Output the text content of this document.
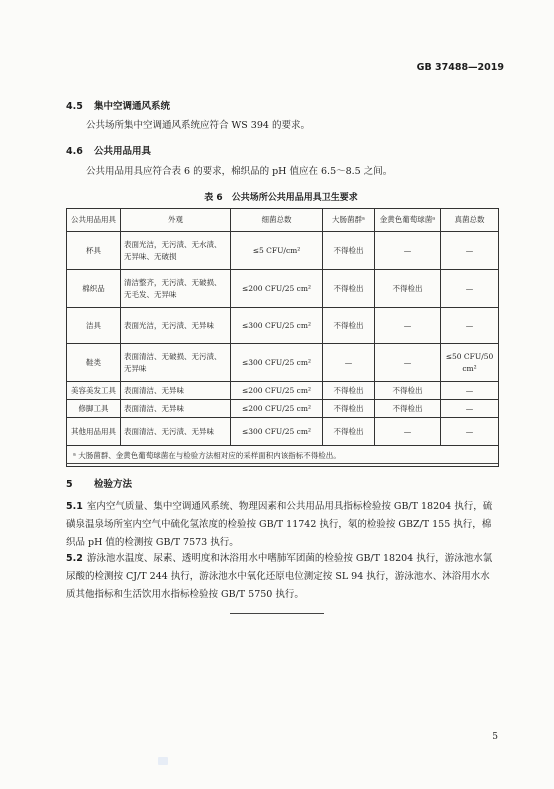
GB 37488—2019
4.5 集中空调通风系统
公共场所集中空调通风系统应符合 WS 394 的要求。
4.6 公共用品用具
公共用品用具应符合表 6 的要求，棉织品的 pH 值应在 6.5～8.5 之间。
表 6　公共场所公共用品用具卫生要求
公共用品用具	外观	细菌总数	大肠菌群ᵃ	金黄色葡萄球菌ᵃ	真菌总数
杯具	表面光洁，无污渍、无水渍、无异味、无破损	≤5 CFU/cm²	不得检出	—	—
棉织品	清洁整齐，无污渍、无破损、无毛发、无异味	≤200 CFU/25 cm²	不得检出	不得检出	—
洁具	表面光洁，无污渍、无异味	≤300 CFU/25 cm²	不得检出	—	—
鞋类	表面清洁、无破损、无污渍、无异味	≤300 CFU/25 cm²	—	—	≤50 CFU/50 cm²
美容美发工具	表面清洁、无异味	≤200 CFU/25 cm²	不得检出	不得检出	—
修脚工具	表面清洁、无异味	≤200 CFU/25 cm²	不得检出	不得检出	—
其他用品用具	表面清洁、无污渍、无异味	≤300 CFU/25 cm²	不得检出	—	—
ᵃ 大肠菌群、金黄色葡萄球菌在与检验方法相对应的采样面积内该指标不得检出。					
5 检验方法
5.1 室内空气质量、集中空调通风系统、物理因素和公共用品用具指标检验按 GB/T 18204 执行，硫磺泉温泉场所室内空气中硫化氢浓度的检验按 GB/T 11742 执行，氡的检验按 GBZ/T 155 执行，棉织品 pH 值的检测按 GB/T 7573 执行。
5.2 游泳池水温度、尿素、透明度和沐浴用水中嗜肺军团菌的检验按 GB/T 18204 执行，游泳池水氯尿酸的检测按 CJ/T 244 执行，游泳池水中氧化还原电位测定按 SL 94 执行，游泳池水、沐浴用水水质其他指标和生活饮用水指标检验按 GB/T 5750 执行。
5
